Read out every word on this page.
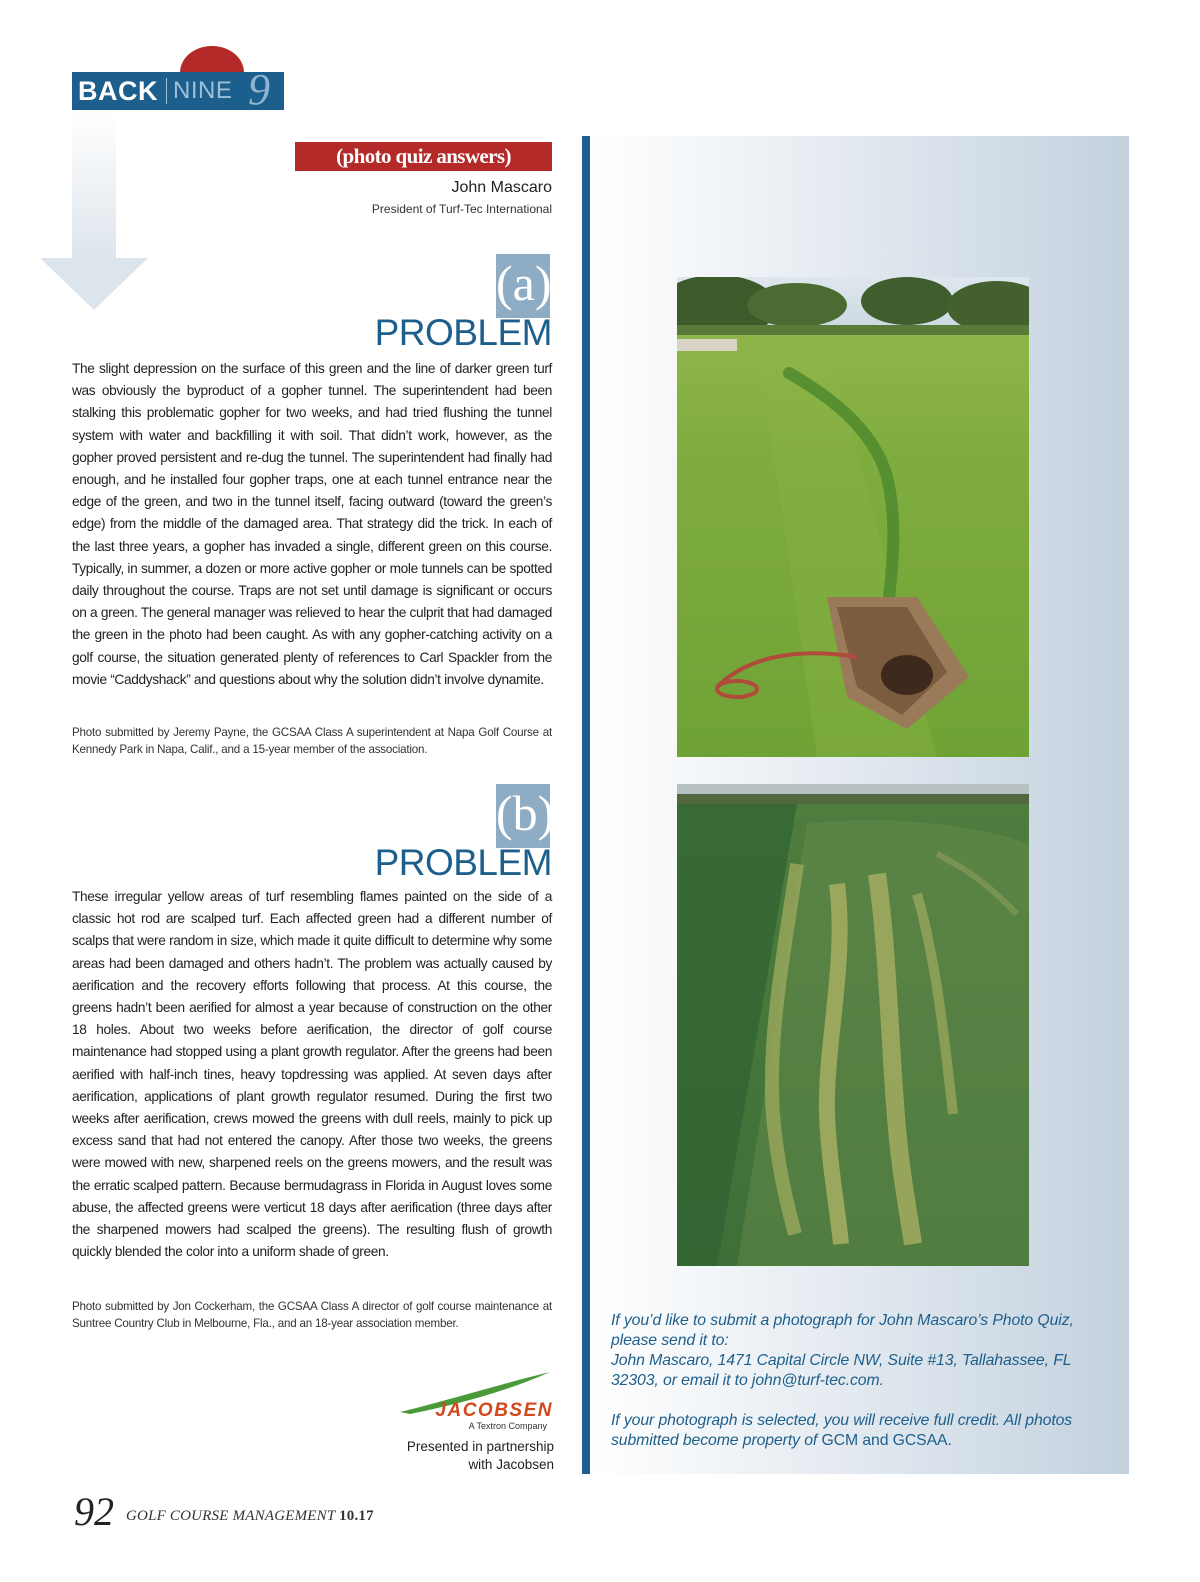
BACK NINE 9
(photo quiz answers)
John Mascaro
President of Turf-Tec International
(a)
PROBLEM
The slight depression on the surface of this green and the line of darker green turf was obviously the byproduct of a gopher tunnel. The superintendent had been stalking this problematic gopher for two weeks, and had tried flushing the tunnel system with water and backfilling it with soil. That didn’t work, however, as the gopher proved persistent and re-dug the tunnel. The superintendent had finally had enough, and he installed four gopher traps, one at each tunnel entrance near the edge of the green, and two in the tunnel itself, facing outward (toward the green’s edge) from the middle of the damaged area. That strategy did the trick. In each of the last three years, a gopher has invaded a single, different green on this course. Typically, in summer, a dozen or more active gopher or mole tunnels can be spotted daily throughout the course. Traps are not set until damage is significant or occurs on a green. The general manager was relieved to hear the culprit that had damaged the green in the photo had been caught. As with any gopher-catching activity on a golf course, the situation generated plenty of references to Carl Spackler from the movie “Caddyshack” and questions about why the solution didn’t involve dynamite.
Photo submitted by Jeremy Payne, the GCSAA Class A superintendent at Napa Golf Course at Kennedy Park in Napa, Calif., and a 15-year member of the association.
(b)
PROBLEM
These irregular yellow areas of turf resembling flames painted on the side of a classic hot rod are scalped turf. Each affected green had a different number of scalps that were random in size, which made it quite difficult to determine why some areas had been damaged and others hadn’t. The problem was actually caused by aerification and the recovery efforts following that process. At this course, the greens hadn’t been aerified for almost a year because of construction on the other 18 holes. About two weeks before aerification, the director of golf course maintenance had stopped using a plant growth regulator. After the greens had been aerified with half-inch tines, heavy topdressing was applied. At seven days after aerification, applications of plant growth regulator resumed. During the first two weeks after aerification, crews mowed the greens with dull reels, mainly to pick up excess sand that had not entered the canopy. After those two weeks, the greens were mowed with new, sharpened reels on the greens mowers, and the result was the erratic scalped pattern. Because bermudagrass in Florida in August loves some abuse, the affected greens were verticut 18 days after aerification (three days after the sharpened mowers had scalped the greens). The resulting flush of growth quickly blended the color into a uniform shade of green.
Photo submitted by Jon Cockerham, the GCSAA Class A director of golf course maintenance at Suntree Country Club in Melbourne, Fla., and an 18-year association member.	If you’d like to submit a photograph for John Mascaro’s Photo Quiz, please send it to:
John Mascaro, 1471 Capital Circle NW, Suite #13, Tallahassee, FL 32303, or email it to john@turf-tec.com.
If your photograph is selected, you will receive full credit. All photos submitted become property of GCM and GCSAA.
JACOBSEN
A Textron Company
Presented in partnership
with Jacobsen
92 GOLF COURSE MANAGEMENT 10.17
